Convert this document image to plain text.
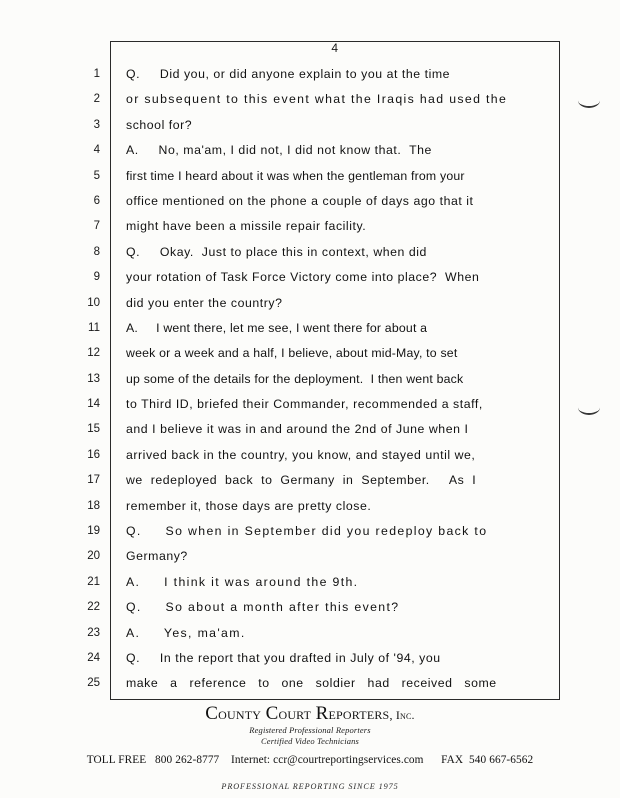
4
1	Q.     Did you, or did anyone explain to you at the time
2	or subsequent to this event what the Iraqis had used the
3	school for?
4	A.     No, ma'am, I did not, I did not know that.  The
5	first time I heard about it was when the gentleman from your
6	office mentioned on the phone a couple of days ago that it
7	might have been a missile repair facility.
8	Q.     Okay.  Just to place this in context, when did
9	your rotation of Task Force Victory come into place?  When
10	did you enter the country?
11	A.     I went there, let me see, I went there for about a
12	week or a week and a half, I believe, about mid-May, to set
13	up some of the details for the deployment.  I then went back
14	to Third ID, briefed their Commander, recommended a staff,
15	and I believe it was in and around the 2nd of June when I
16	arrived back in the country, you know, and stayed until we,
17	we  redeployed  back  to  Germany  in  September.     As  I
18	remember it, those days are pretty close.
19	Q.     So when in September did you redeploy back to
20	Germany?
21	A.     I think it was around the 9th.
22	Q.     So about a month after this event?
23	A.     Yes, ma'am.
24	Q.     In the report that you drafted in July of '94, you
25	make   a   reference   to   one   soldier   had   received   some
County Court Reporters, Inc.
Registered Professional Reporters
Certified Video Technicians
TOLL FREE   800 262-8777    Internet: ccr@courtreportingservices.com      FAX  540 667-6562
PROFESSIONAL REPORTING SINCE 1975
